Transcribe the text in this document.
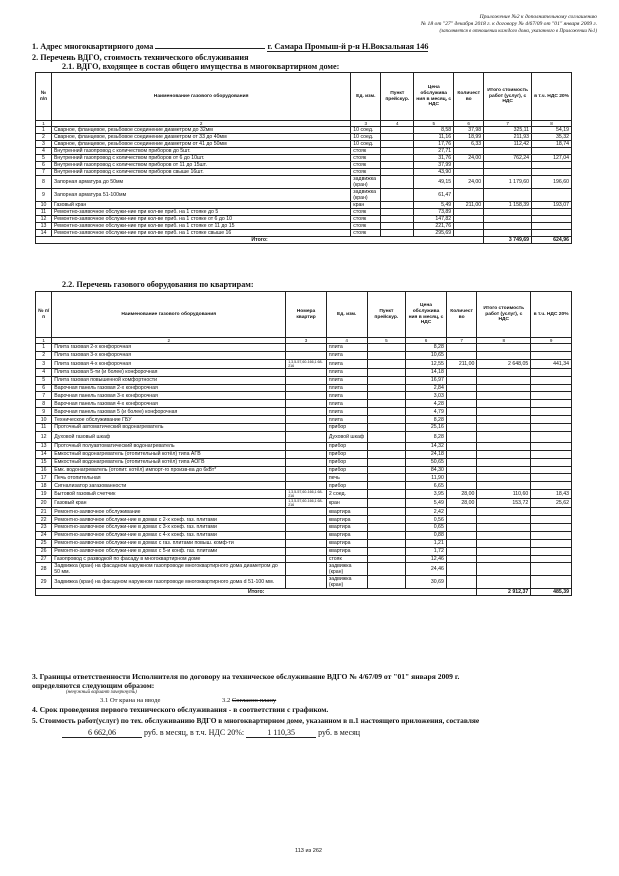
Приложение №2 к дополнительному соглашению
№ 18 от "27" декабря 2018 г. к договору № 4/67/09 от "01" января 2009 г.
(заполняется в отношении каждого дома, указанного в Приложении №1)
1. Адрес многоквартирного дома	г. Самара Промыш-й р-н Н.Вокзальная 146
2. Перечень ВДГО, стоимость технического обслуживания
2.1. ВДГО, входящее в состав общего имущества в многоквартирном доме:
№ п/п	Наименование газового оборудования	Ед. изм.	Пункт прейскур.	Цена обслужива ния в месяц, с НДС	Количест во	Итого стоимость работ (услуг), с НДС	в т.ч. НДС 20%
1	2	3	4	5	6	7	8
1	Сварное, фланцевое, резьбовое соединение диаметром до 32мм	10 соед.		8,58	37,98	325,11	54,19
2	Сварное, фланцевое, резьбовое соединение диаметром от 33 до 40мм	10 соед.		11,16	18,99	211,93	35,32
3	Сварное, фланцевое, резьбовое соединение диаметром от 41 до 50мм	10 соед.		17,76	6,33	112,42	18,74
4	Внутренний газопровод с количеством приборов до 5шт.	стояк		27,71			
5	Внутренний газопровод с количеством приборов от 6 до 10шт.	стояк		31,76	24,00	762,24	127,04
6	Внутренний газопровод с количеством приборов от 11 до 15шт.	стояк		37,99			
7	Внутренний газопровод с количеством приборов свыше 16шт.	стояк		43,90			
8	Запорная арматура до 50мм	задвижка (кран)		49,15	24,00	1 179,60	196,60
9	Запорная арматура 51-100мм	задвижка (кран)		61,47			
10	Газовый кран	кран		5,49	211,00	1 158,39	193,07
11	Ремонтно-заявочное обслужи-ние при кол-ве приб. на 1 стояке до 5	стояк		73,89			
12	Ремонтно-заявочное обслужи-ние при кол-ве приб. на 1 стояке от 6 до 10	стояк		147,82			
13	Ремонтно-заявочное обслужи-ние при кол-ве приб. на 1 стояке от 11 до 15	стояк		221,76			
14	Ремонтно-заявочное обслужи-ние при кол-ве приб. на 1 стояке свыше 16	стояк		295,69			
Итого:						3 749,69	624,96
2.2. Перечень газового оборудования по квартирам:
№ п/п	Наименование газового оборудования	Номера квартир	Ед. изм.	Пункт прейскур.	Цена обслужива ния в месяц, с НДС	Количест во	Итого стоимость работ (услуг), с НДС	в т.ч. НДС 20%
1	2	3	4	5	6	7	8	9
1	Плита газовая 2-х конфорочная		плита		8,28			
2	Плита газовая 3-х конфорочная		плита		10,65			
3	Плита газовая 4-х конфорочная	1,3,5-57,60-166,1 68-216	плита		12,55	211,00	2 648,05	441,34
4	Плита газовая 5-ти (и более) конфорочная		плита		14,18			
5	Плита газовая повышенной комфортности		плита		16,97			
6	Варочная панель газовая 2-х конфорочная		плита		2,84			
7	Варочная панель газовая 3-х конфорочная		плита		3,03			
8	Варочная панель газовая 4-х конфорочная		плита		4,28			
9	Варочная панель газовая 5 (и более) конфорочная		плита		4,79			
10	Техническое обслуживание ГБУ		плита		8,28			
11	Проточный автоматический водонагреватель		прибор		25,16			
12	Духовой газовый шкаф		Духовой шкаф		8,28			
13	Проточный полуавтоматический водонагреватель		прибор		14,32			
14	Емкостный водонагреватель (отопительный котёл) типа АГВ		прибор		24,18			
15	Емкостный водонагреватель (отопительный котёл) типа АОГВ		прибор		50,65			
16	Емк. водонагреватель (отопит. котёл) импорт-го произв-ва до 6кВт*		прибор		84,30			
17	Печь отопительная		печь		11,90			
18	Сигнализатор загазованности		прибор		6,65			
19	Бытовой газовый счетчик	1,3,5-57,60-166,1 68-216	2 соед.		3,95	28,00	110,60	18,43
20	Газовый кран	1,3,5-57,60-166,1 68-216	кран		5,49	28,00	153,72	25,62
21	Ремонтно-заявочное обслуживание		квартира		2,42			
22	Ремонтно-заявочное обслужи-ние в домах с 2-х конф. газ. плитами		квартира		0,56			
23	Ремонтно-заявочное обслужи-ние в домах с 3-х конф. газ. плитами		квартира		0,65			
24	Ремонтно-заявочное обслужи-ние в домах с 4-х конф. газ. плитами		квартира		0,88			
25	Ремонтно-заявочное обслужи-ние в домах с газ. плитами повыш. комф-ти		квартира		1,21			
26	Ремонтно-заявочное обслужи-ние в домах с 5-и конф. газ. плитами		квартира		1,72			
27	Газопровод с разводкой по фасаду в многоквартирном доме		стояк		12,46			
28	Задвижка (кран) на фасадном наружном газопроводе многоквартирного дома диаметром до 50 мм.		задвижка (кран)		24,46			
29	Задвижка (кран) на фасадном наружном газопроводе многоквартирного дома d 51-100 мм.		задвижка (кран)		30,69			
Итого:							2 912,37	485,39
3. Границы ответственности Исполнителя по договору на техническое обслуживание ВДГО № 4/67/09 от "01" января 2009 г.
определяются следующим образом:
(ненужный вариант зачеркнуть)
3.1 От крана на вводе	3.2 Согласно плану
4. Срок проведения первого технического обслуживания - в соответствии с графиком.
5. Стоимость работ(услуг) по тех. обслуживанию ВДГО в многоквартирном доме, указанном в п.1 настоящего приложения, составляе
6 662,06	руб. в месяц, в т.ч. НДС 20%:	1 110,35	руб. в месяц
113 из 262
